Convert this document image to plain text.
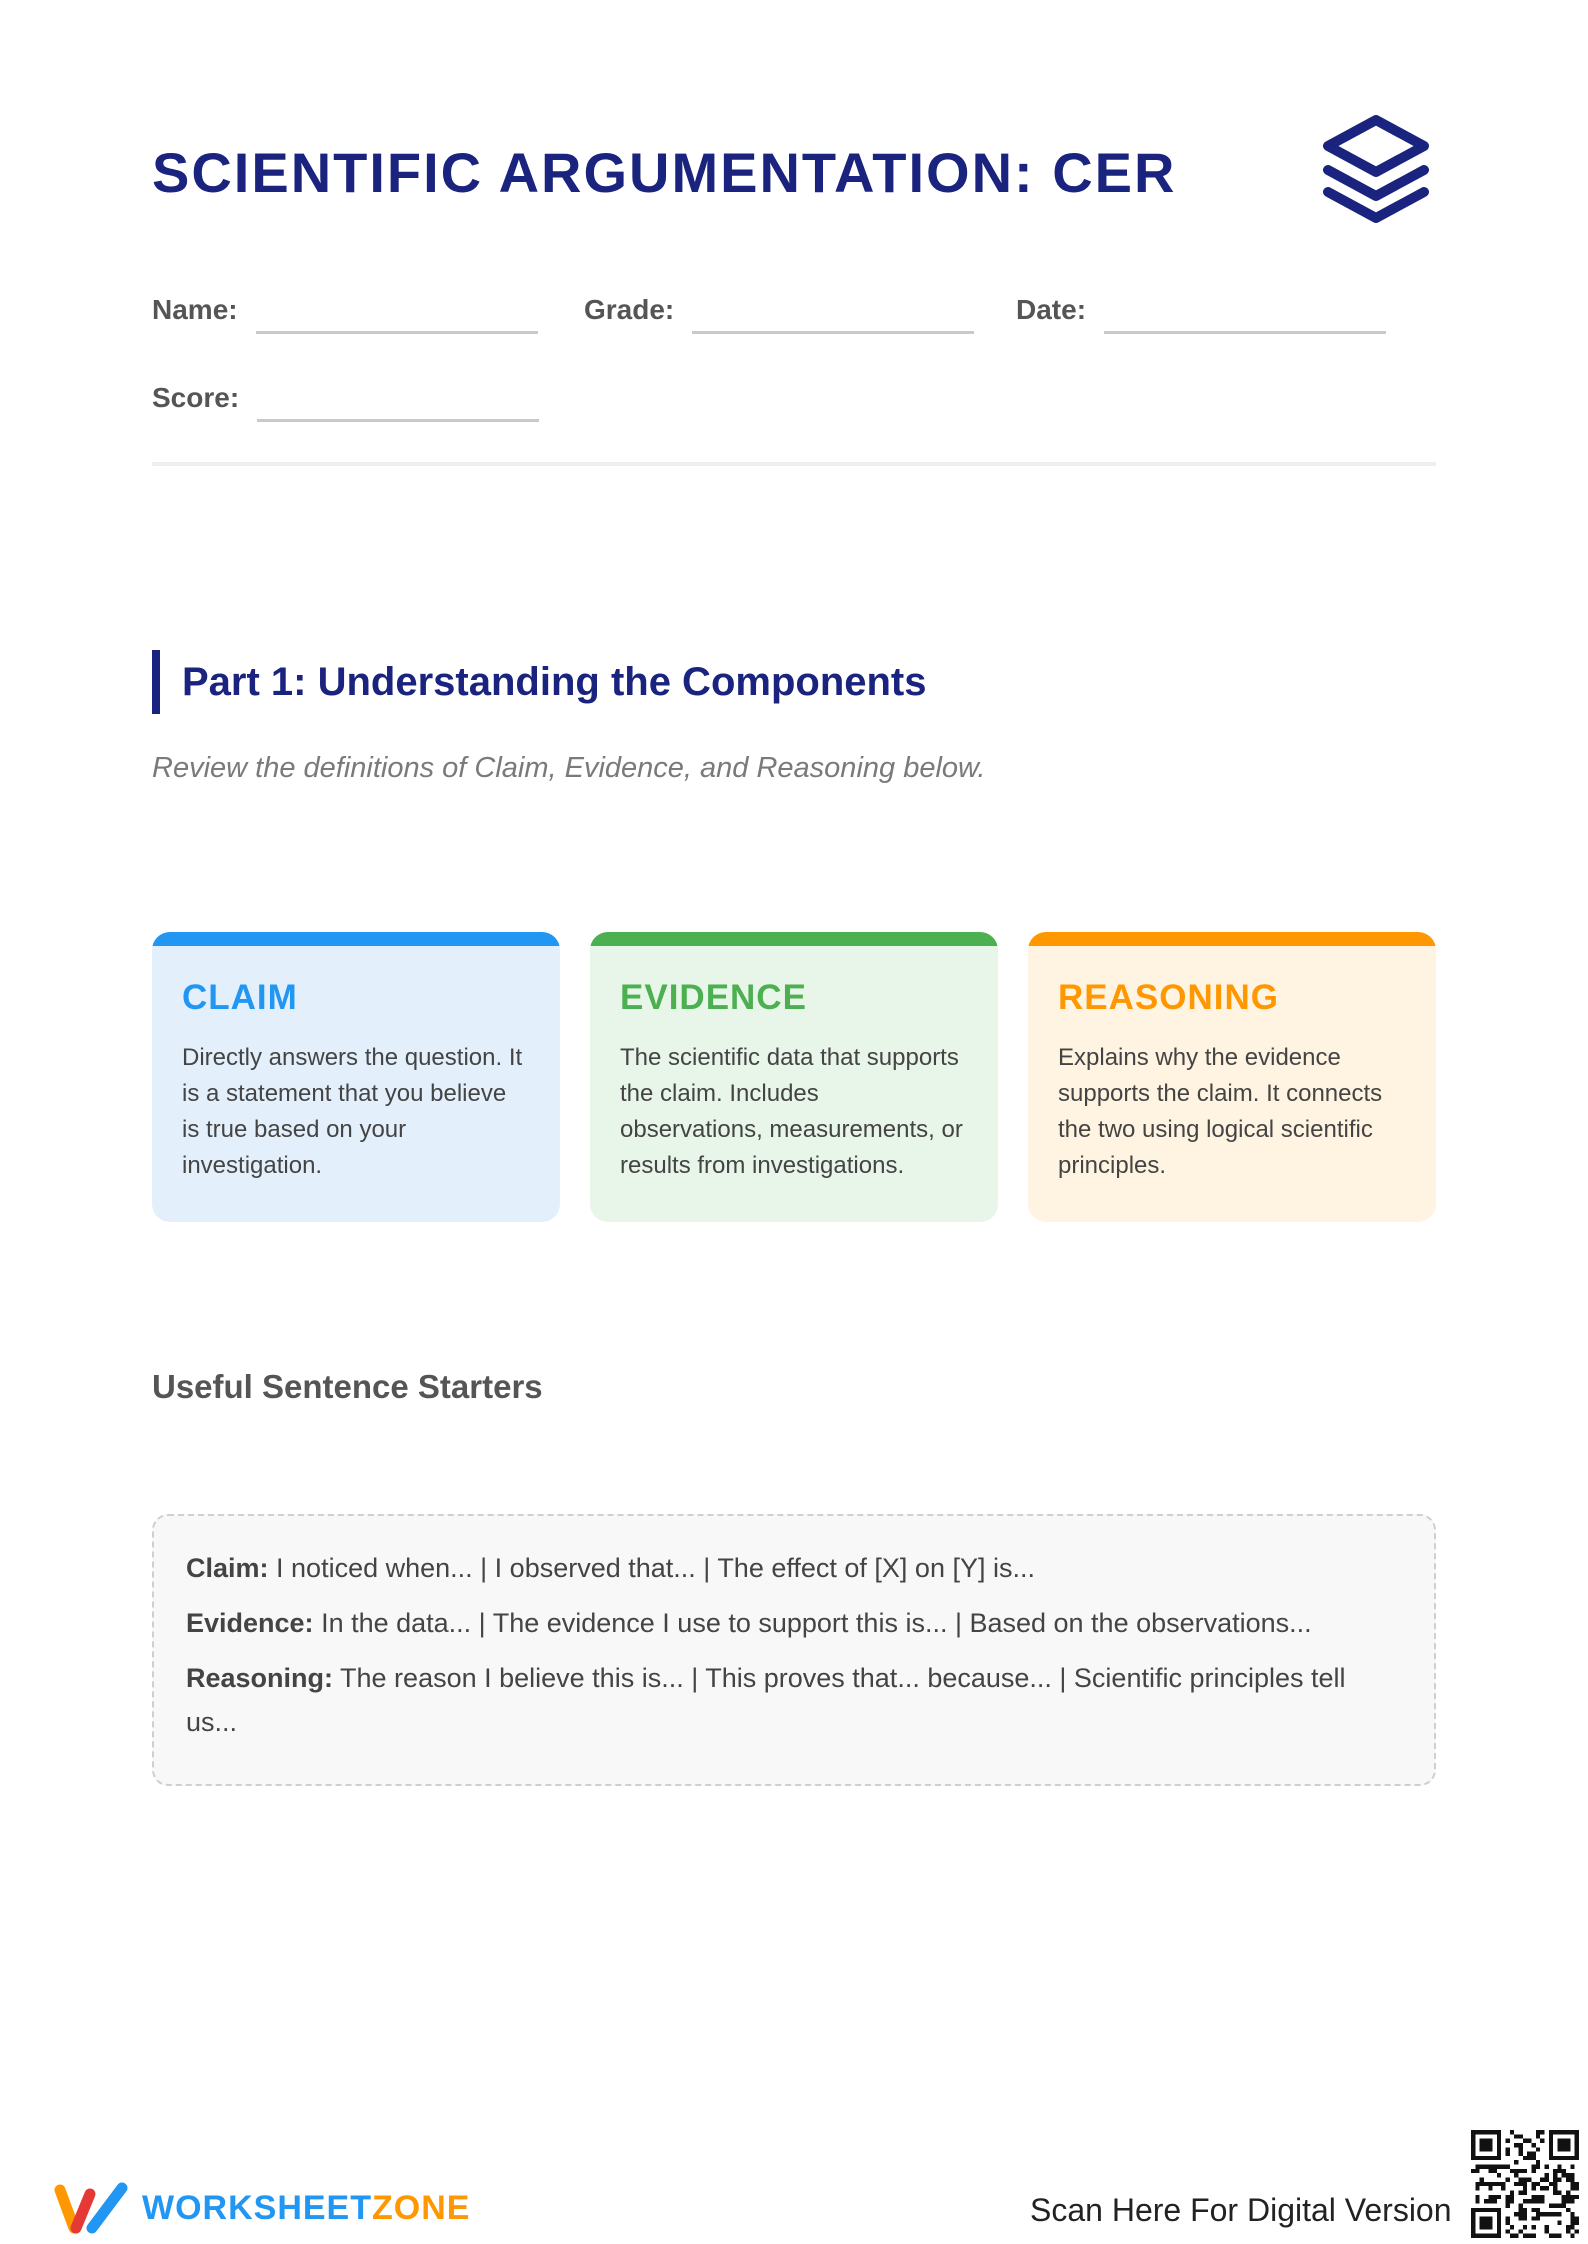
SCIENTIFIC ARGUMENTATION: CER
Name:	Grade:	Date:
Score:
Part 1: Understanding the Components
Review the definitions of Claim, Evidence, and Reasoning below.
CLAIM
Directly answers the question. It is a statement that you believe is true based on your investigation.
EVIDENCE
The scientific data that supports the claim. Includes observations, measurements, or results from investigations.
REASONING
Explains why the evidence supports the claim. It connects the two using logical scientific principles.
Useful Sentence Starters

Claim: I noticed when... | I observed that... | The effect of [X] on [Y] is...

Evidence: In the data... | The evidence I use to support this is... | Based on the observations...

Reasoning: The reason I believe this is... | This proves that... because... | Scientific principles tell us...

WORKSHEETZONE	Scan Here For Digital Version
